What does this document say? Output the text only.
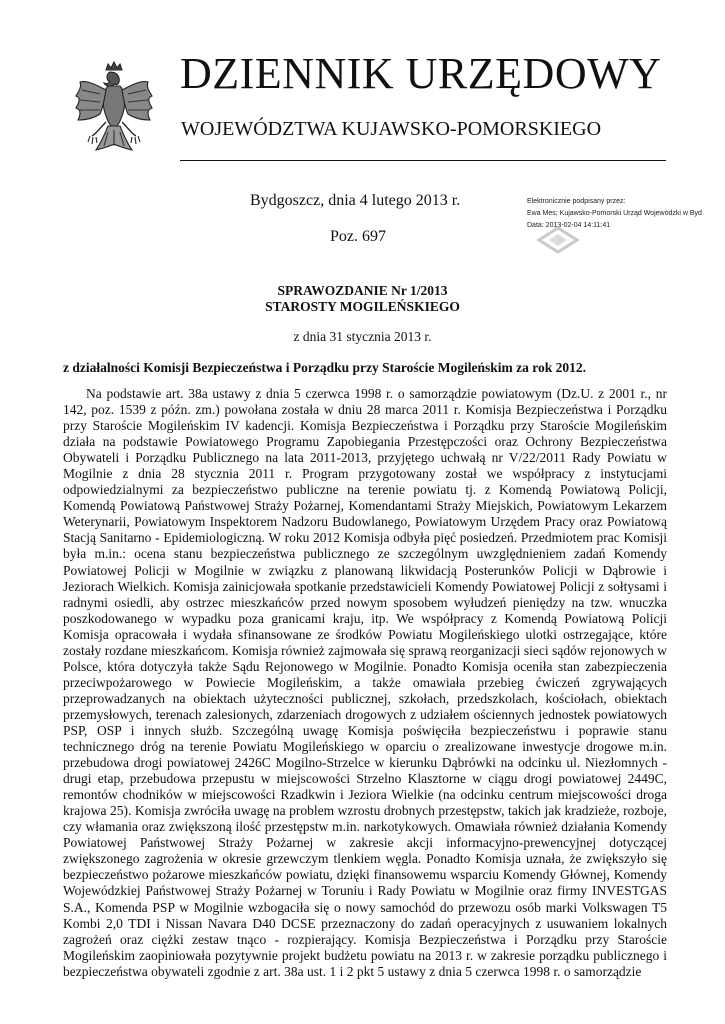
DZIENNIK URZĘDOWY
WOJEWÓDZTWA KUJAWSKO-POMORSKIEGO
Bydgoszcz, dnia 4 lutego 2013 r.
Poz. 697
Elektronicznie podpisany przez:
Ewa Mes; Kujawsko-Pomorski Urząd Wojewódzki w Byd
Data: 2013-02-04 14:11:41
SPRAWOZDANIE Nr 1/2013
STAROSTY MOGILEŃSKIEGO
z dnia 31 stycznia 2013 r.
z działalności Komisji Bezpieczeństwa i Porządku przy Staroście Mogileńskim za rok 2012.

Na podstawie art. 38a ustawy z dnia 5 czerwca 1998 r. o samorządzie powiatowym (Dz.U. z 2001 r., nr 142, poz. 1539 z późn. zm.) powołana została w dniu 28 marca 2011 r. Komisja Bezpieczeństwa i Porządku przy Staroście Mogileńskim IV kadencji. Komisja Bezpieczeństwa i Porządku przy Staroście Mogileńskim działa na podstawie Powiatowego Programu Zapobiegania Przestępczości oraz Ochrony Bezpieczeństwa Obywateli i Porządku Publicznego na lata 2011-2013, przyjętego uchwałą nr V/22/2011 Rady Powiatu w Mogilnie z dnia 28 stycznia 2011 r. Program przygotowany został we współpracy z instytucjami odpowiedzialnymi za bezpieczeństwo publiczne na terenie powiatu tj. z Komendą Powiatową Policji, Komendą Powiatową Państwowej Straży Pożarnej, Komendantami Straży Miejskich, Powiatowym Lekarzem Weterynarii, Powiatowym Inspektorem Nadzoru Budowlanego, Powiatowym Urzędem Pracy oraz Powiatową Stacją Sanitarno - Epidemiologiczną. W roku 2012 Komisja odbyła pięć posiedzeń. Przedmiotem prac Komisji była m.in.: ocena stanu bezpieczeństwa publicznego ze szczególnym uwzględnieniem zadań Komendy Powiatowej Policji w Mogilnie w związku z planowaną likwidacją Posterunków Policji w Dąbrowie i Jeziorach Wielkich. Komisja zainicjowała spotkanie przedstawicieli Komendy Powiatowej Policji z sołtysami i radnymi osiedli, aby ostrzec mieszkańców przed nowym sposobem wyłudzeń pieniędzy na tzw. wnuczka poszkodowanego w wypadku poza granicami kraju, itp. We współpracy z Komendą Powiatową Policji Komisja opracowała i wydała sfinansowane ze środków Powiatu Mogileńskiego ulotki ostrzegające, które zostały rozdane mieszkańcom. Komisja również zajmowała się sprawą reorganizacji sieci sądów rejonowych w Polsce, która dotyczyła także Sądu Rejonowego w Mogilnie. Ponadto Komisja oceniła stan zabezpieczenia przeciwpożarowego w Powiecie Mogileńskim, a także omawiała przebieg ćwiczeń zgrywających przeprowadzanych na obiektach użyteczności publicznej, szkołach, przedszkolach, kościołach, obiektach przemysłowych, terenach zalesionych, zdarzeniach drogowych z udziałem ościennych jednostek powiatowych PSP, OSP i innych służb. Szczególną uwagę Komisja poświęciła bezpieczeństwu i poprawie stanu technicznego dróg na terenie Powiatu Mogileńskiego w oparciu o zrealizowane inwestycje drogowe m.in. przebudowa drogi powiatowej 2426C Mogilno-Strzelce w kierunku Dąbrówki na odcinku ul. Niezłomnych - drugi etap, przebudowa przepustu w miejscowości Strzelno Klasztorne w ciągu drogi powiatowej 2449C, remontów chodników w miejscowości Rzadkwin i Jeziora Wielkie (na odcinku centrum miejscowości droga krajowa 25). Komisja zwróciła uwagę na problem wzrostu drobnych przestępstw, takich jak kradzieże, rozboje, czy włamania oraz zwiększoną ilość przestępstw m.in. narkotykowych. Omawiała również działania Komendy Powiatowej Państwowej Straży Pożarnej w zakresie akcji informacyjno-prewencyjnej dotyczącej zwiększonego zagrożenia w okresie grzewczym tlenkiem węgla. Ponadto Komisja uznała, że zwiększyło się bezpieczeństwo pożarowe mieszkańców powiatu, dzięki finansowemu wsparciu Komendy Głównej, Komendy Wojewódzkiej Państwowej Straży Pożarnej w Toruniu i Rady Powiatu w Mogilnie oraz firmy INVESTGAS S.A., Komenda PSP w Mogilnie wzbogaciła się o nowy samochód do przewozu osób marki Volkswagen T5 Kombi 2,0 TDI i Nissan Navara D40 DCSE przeznaczony do zadań operacyjnych z usuwaniem lokalnych zagrożeń oraz ciężki zestaw tnąco - rozpierający. Komisja Bezpieczeństwa i Porządku przy Staroście Mogileńskim zaopiniowała pozytywnie projekt budżetu powiatu na 2013 r. w zakresie porządku publicznego i bezpieczeństwa obywateli zgodnie z art. 38a ust. 1 i 2 pkt 5 ustawy z dnia 5 czerwca 1998 r. o samorządzie
